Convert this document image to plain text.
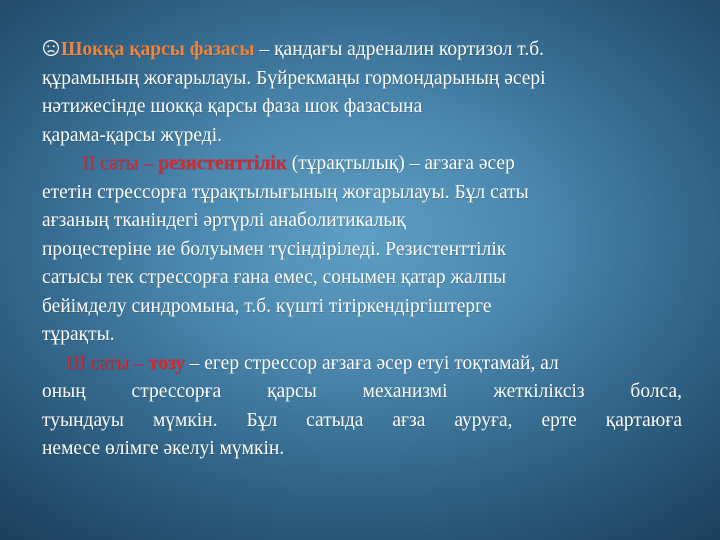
Шокқа қарсы фазасы – қандағы адреналин кортизол т.б.
құрамының жоғарылауы. Бүйрекмаңы гормондарының әсері
нәтижесінде шокқа қарсы фаза шок фазасына
қарама-қарсы жүреді.

ІІ саты – резистенттілік (тұрақтылық) – ағзаға әсер
ететін стрессорға тұрақтылығының жоғарылауы. Бұл саты
ағзаның тканіндегі әртүрлі анаболитикалық
процестеріне ие болуымен түсіндіріледі. Резистенттілік
сатысы тек стрессорға ғана емес, сонымен қатар жалпы
бейімделу синдромына, т.б. күшті тітіркендіргіштерге
тұрақты.

ІІІ саты – тозу – егер стрессор ағзаға әсер етуі тоқтамай, ал
оның стрессорға қарсы механизмі жеткіліксіз болса,
туындауы мүмкін. Бұл сатыда ағза ауруға, ерте қартаюға
немесе өлімге әкелуі мүмкін.
